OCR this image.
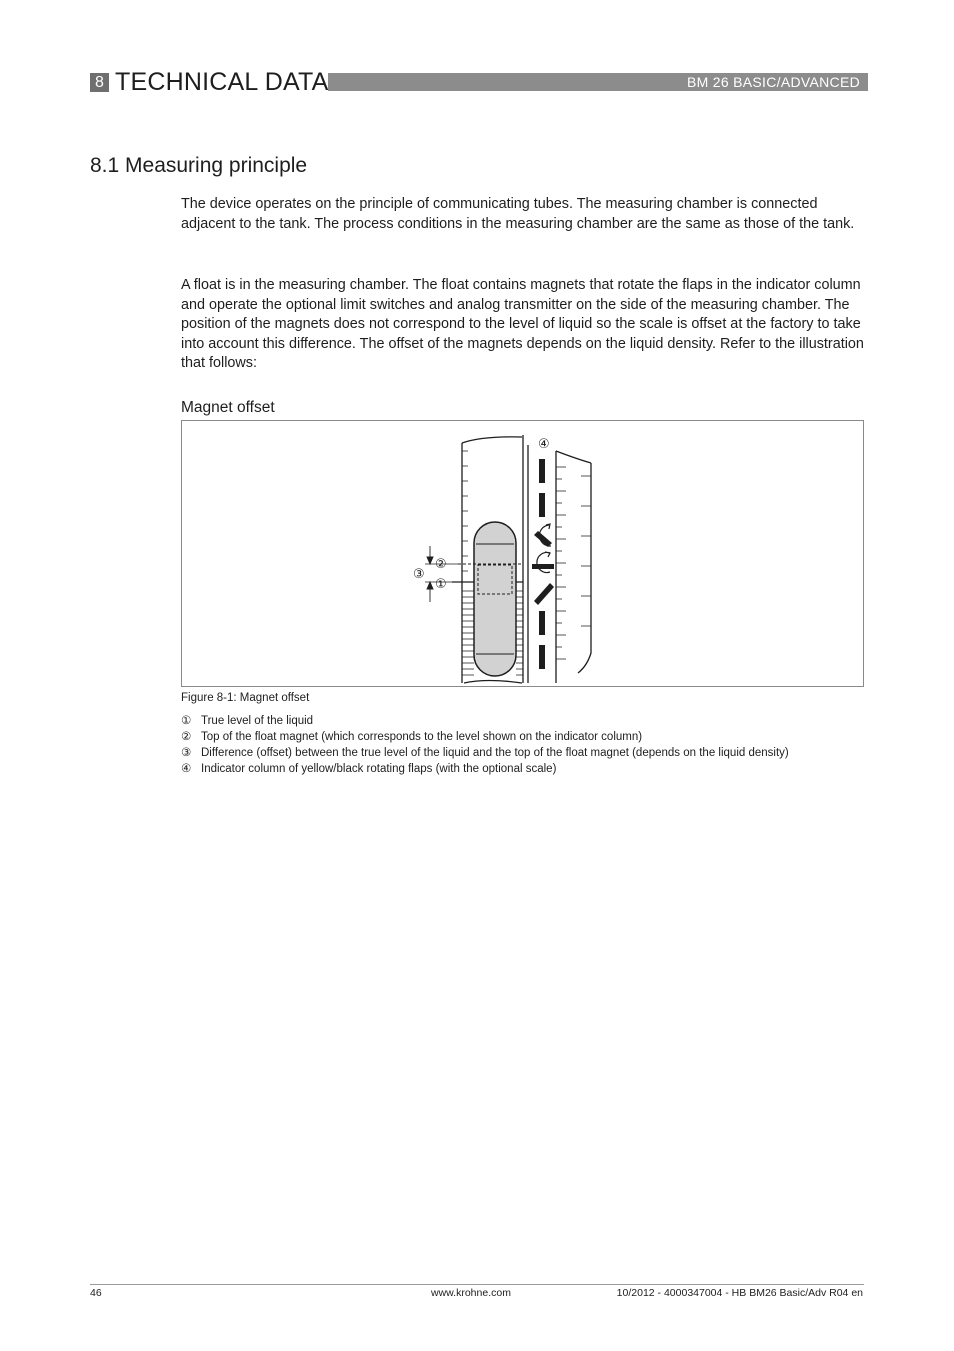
8 TECHNICAL DATA	BM 26 BASIC/ADVANCED
8.1 Measuring principle

The device operates on the principle of communicating tubes. The measuring chamber is connected adjacent to the tank. The process conditions in the measuring chamber are the same as those of the tank.

A float is in the measuring chamber. The float contains magnets that rotate the flaps in the indicator column and operate the optional limit switches and analog transmitter on the side of the measuring chamber. The position of the magnets does not correspond to the level of liquid so the scale is offset at the factory to take into account this difference. The offset of the magnets depends on the liquid density. Refer to the illustration that follows:

Magnet offset
②
③
①
④
Figure 8-1: Magnet offset
① True level of the liquid
② Top of the float magnet (which corresponds to the level shown on the indicator column)
③ Difference (offset) between the true level of the liquid and the top of the float magnet (depends on the liquid density)
④ Indicator column of yellow/black rotating flaps (with the optional scale)
46	www.krohne.com	10/2012 - 4000347004 - HB BM26 Basic/Adv R04 en
